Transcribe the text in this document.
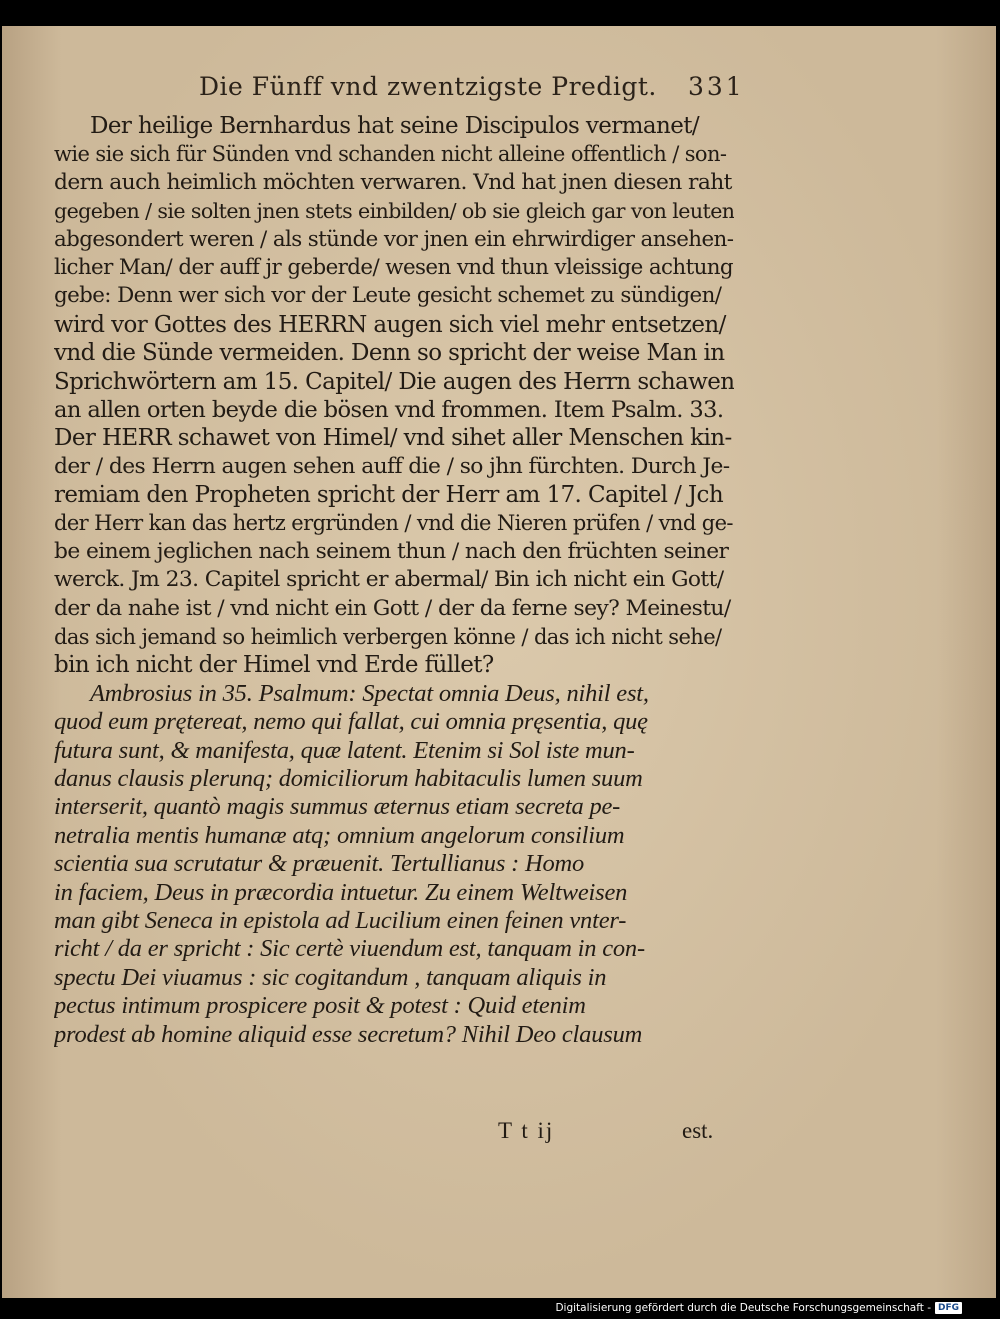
Die Fünff vnd zwentzigste Predigt. 331
Der heilige Bernhardus hat seine Discipulos vermanet/
wie sie sich für Sünden vnd schanden nicht alleine offentlich / son-
dern auch heimlich möchten verwaren. Vnd hat jnen diesen raht
gegeben / sie solten jnen stets einbilden/ ob sie gleich gar von leuten
abgesondert weren / als stünde vor jnen ein ehrwirdiger ansehen-
licher Man/ der auff jr geberde/ wesen vnd thun vleissige achtung
gebe: Denn wer sich vor der Leute gesicht schemet zu sündigen/
wird vor Gottes des HERRN augen sich viel mehr entsetzen/
vnd die Sünde vermeiden. Denn so spricht der weise Man in
Sprichwörtern am 15. Capitel/ Die augen des Herrn schawen
an allen orten beyde die bösen vnd frommen. Item Psalm. 33.
Der HERR schawet von Himel/ vnd sihet aller Menschen kin-
der / des Herrn augen sehen auff die / so jhn fürchten. Durch Je-
remiam den Propheten spricht der Herr am 17. Capitel / Jch
der Herr kan das hertz ergründen / vnd die Nieren prüfen / vnd ge-
be einem jeglichen nach seinem thun / nach den früchten seiner
werck. Jm 23. Capitel spricht er abermal/ Bin ich nicht ein Gott/
der da nahe ist / vnd nicht ein Gott / der da ferne sey? Meinestu/
das sich jemand so heimlich verbergen könne / das ich nicht sehe/
bin ich nicht der Himel vnd Erde füllet?
Ambrosius in 35. Psalmum: Spectat omnia Deus, nihil est,
quod eum prętereat, nemo qui fallat, cui omnia pręsentia, quę
futura sunt, & manifesta, quæ latent. Etenim si Sol iste mun-
danus clausis plerunq; domiciliorum habitaculis lumen suum
interserit, quantò magis summus æternus etiam secreta pe-
netralia mentis humanæ atq; omnium angelorum consilium
scientia sua scrutatur & præuenit. Tertullianus : Homo
in faciem, Deus in præcordia intuetur. Zu einem Weltweisen
man gibt Seneca in epistola ad Lucilium einen feinen vnter-
richt / da er spricht : Sic certè viuendum est, tanquam in con-
spectu Dei viuamus : sic cogitandum , tanquam aliquis in
pectus intimum prospicere posit & potest : Quid etenim
prodest ab homine aliquid esse secretum? Nihil Deo clausum
T t ij	est.
Digitalisierung gefördert durch die Deutsche Forschungsgemeinschaft - DFG
